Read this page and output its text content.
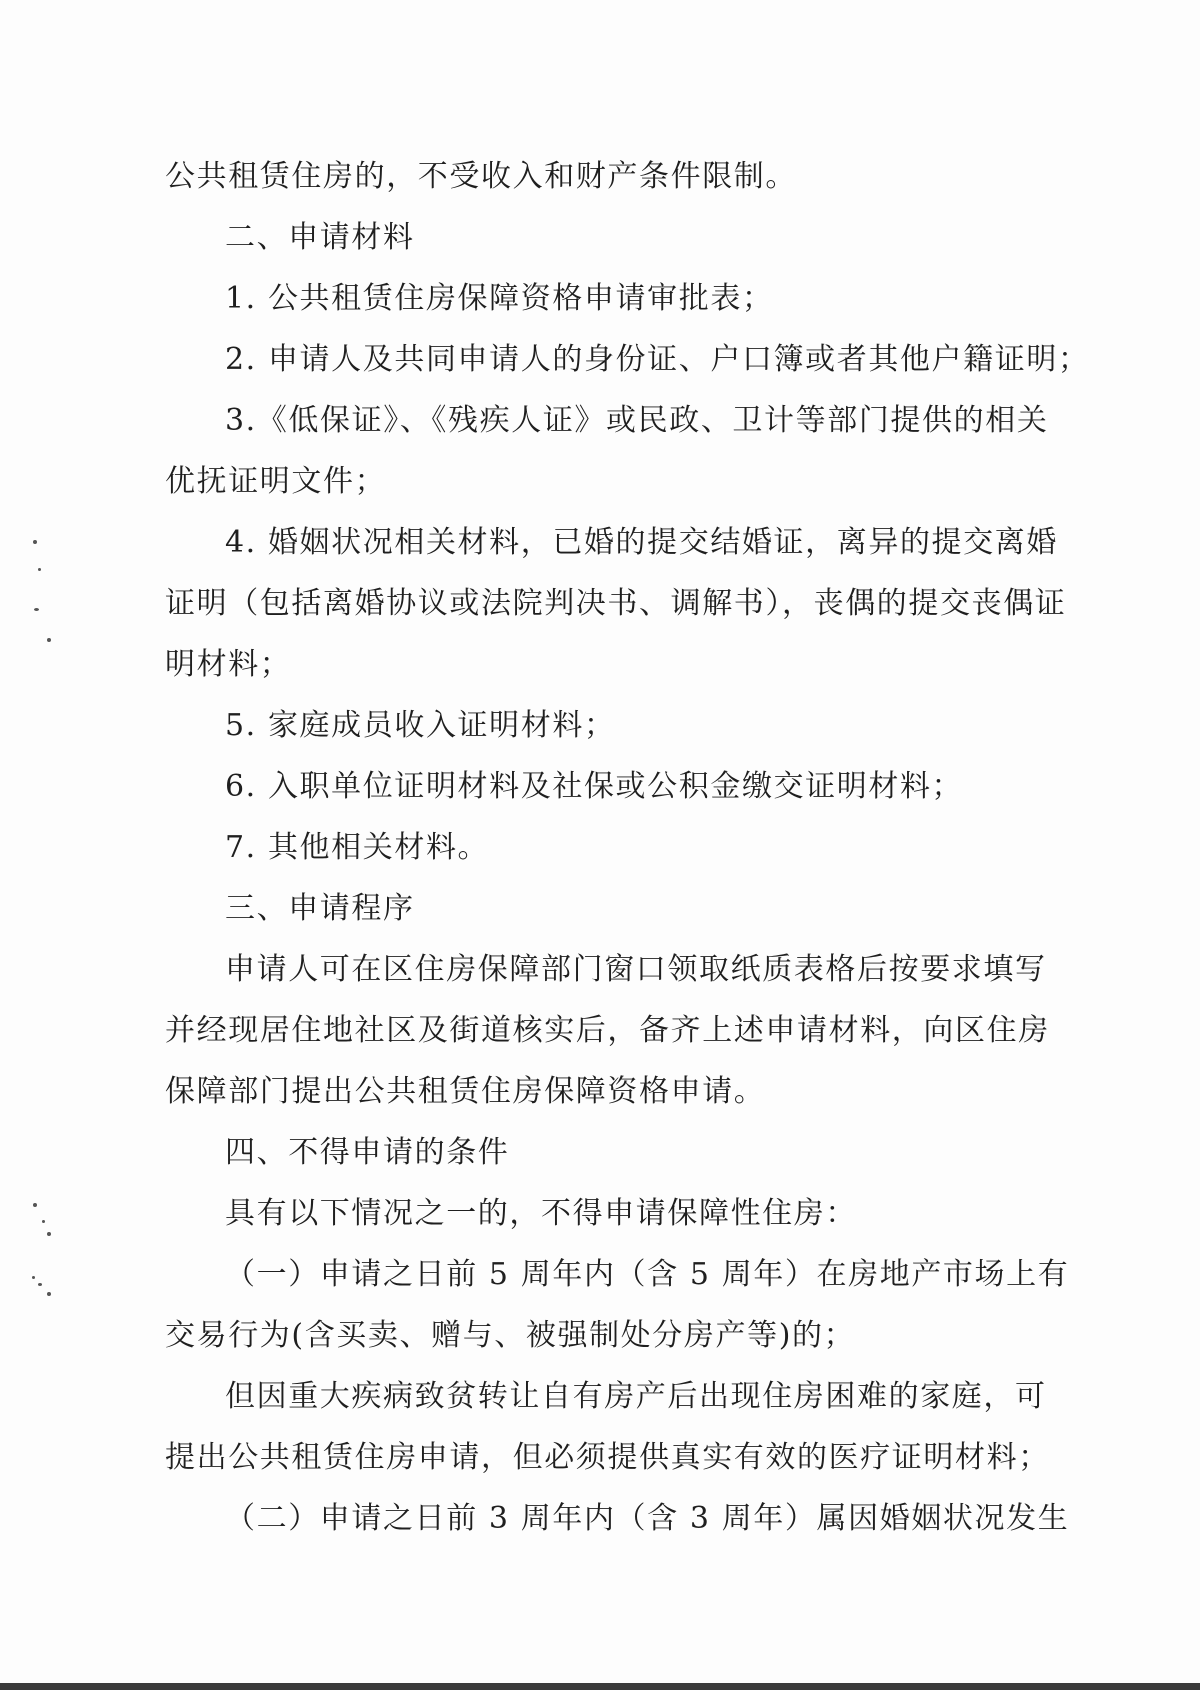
公共租赁住房的，不受收入和财产条件限制。
二、申请材料
1. 公共租赁住房保障资格申请审批表；
2. 申请人及共同申请人的身份证、户口簿或者其他户籍证明；
3.《低保证》、《残疾人证》或民政、卫计等部门提供的相关
优抚证明文件；
4. 婚姻状况相关材料，已婚的提交结婚证，离异的提交离婚
证明（包括离婚协议或法院判决书、调解书），丧偶的提交丧偶证
明材料；
5. 家庭成员收入证明材料；
6. 入职单位证明材料及社保或公积金缴交证明材料；
7. 其他相关材料。
三、申请程序
申请人可在区住房保障部门窗口领取纸质表格后按要求填写
并经现居住地社区及街道核实后，备齐上述申请材料，向区住房
保障部门提出公共租赁住房保障资格申请。
四、不得申请的条件
具有以下情况之一的，不得申请保障性住房：
（一）申请之日前 5 周年内（含 5 周年）在房地产市场上有
交易行为(含买卖、赠与、被强制处分房产等)的；
但因重大疾病致贫转让自有房产后出现住房困难的家庭，可
提出公共租赁住房申请，但必须提供真实有效的医疗证明材料；
（二）申请之日前 3 周年内（含 3 周年）属因婚姻状况发生
